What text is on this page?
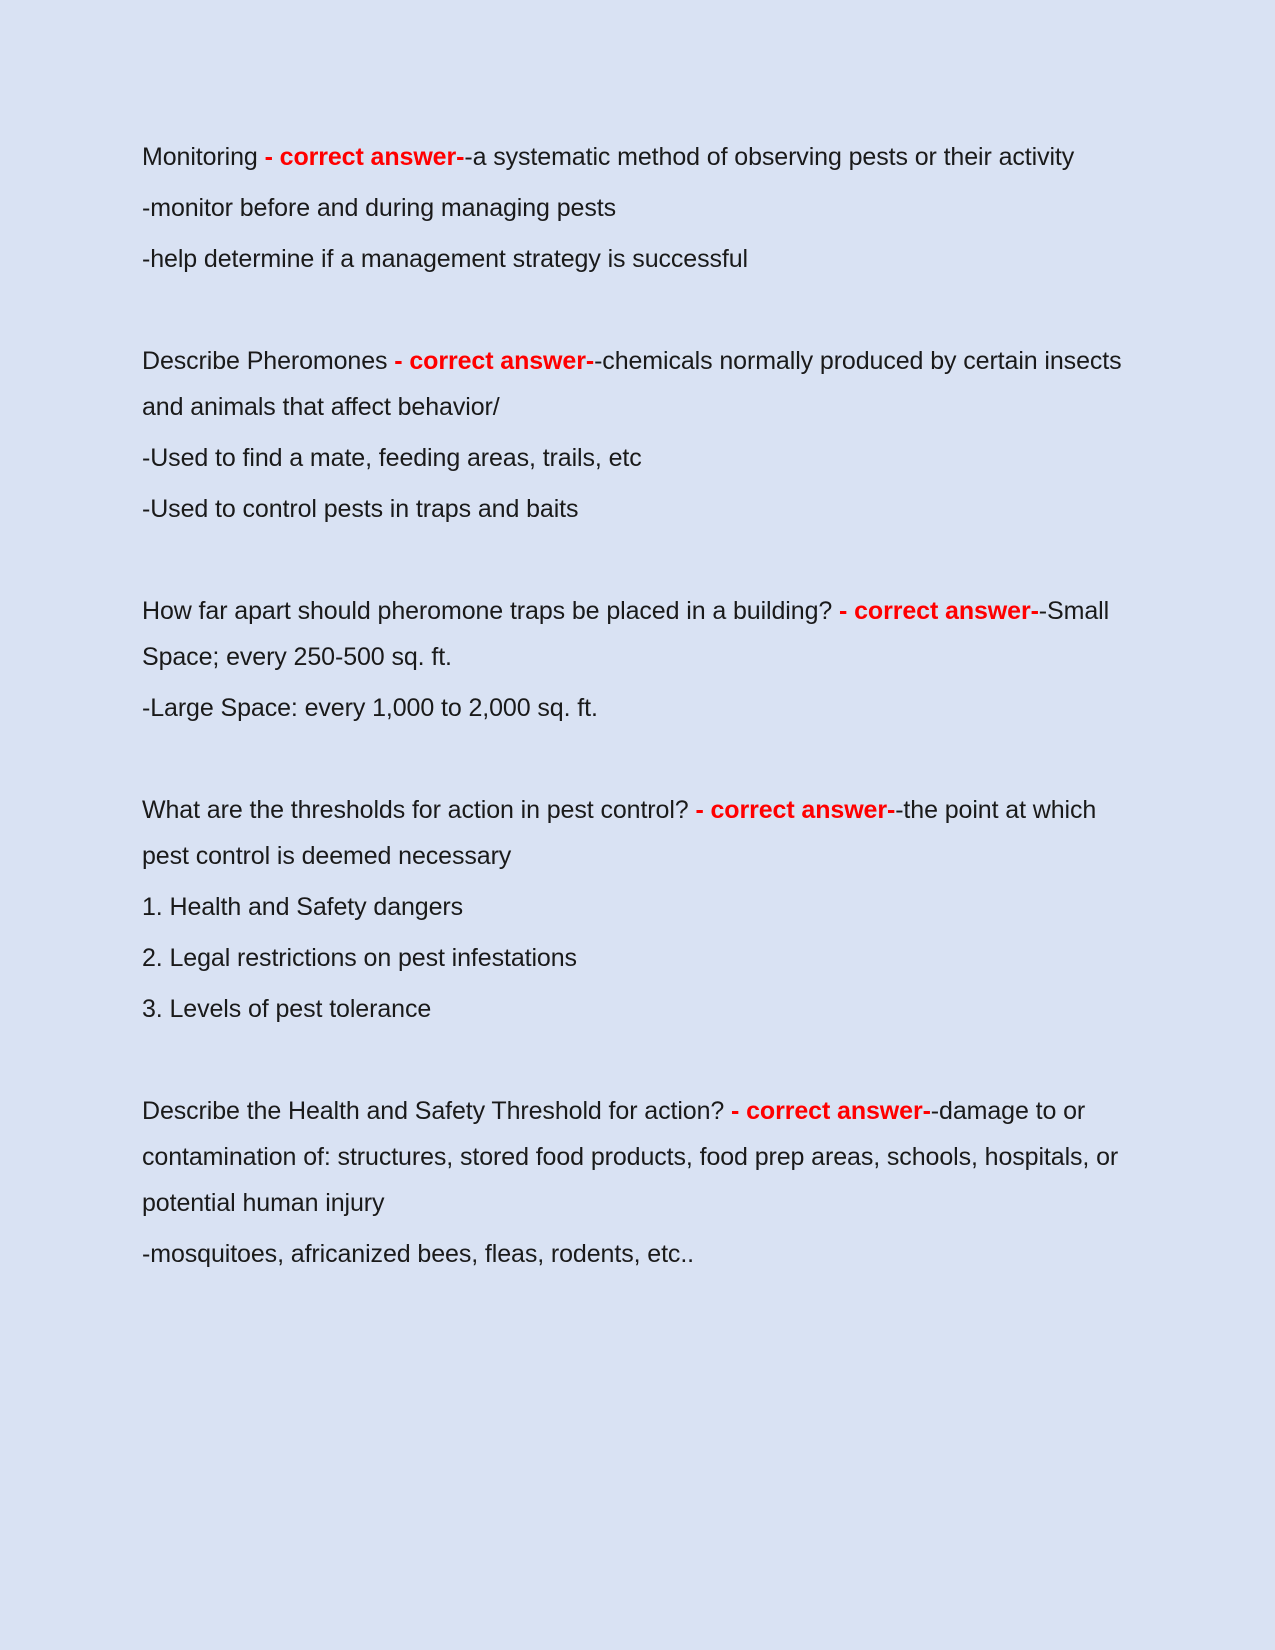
Monitoring - correct answer--a systematic method of observing pests or their activity

-monitor before and during managing pests

-help determine if a management strategy is successful

Describe Pheromones - correct answer--chemicals normally produced by certain insects and animals that affect behavior/

-Used to find a mate, feeding areas, trails, etc

-Used to control pests in traps and baits

How far apart should pheromone traps be placed in a building? - correct answer--Small Space; every 250-500 sq. ft.

-Large Space: every 1,000 to 2,000 sq. ft.

What are the thresholds for action in pest control? - correct answer--the point at which pest control is deemed necessary

1. Health and Safety dangers

2. Legal restrictions on pest infestations

3. Levels of pest tolerance

Describe the Health and Safety Threshold for action? - correct answer--damage to or contamination of: structures, stored food products, food prep areas, schools, hospitals, or potential human injury

-mosquitoes, africanized bees, fleas, rodents, etc..
